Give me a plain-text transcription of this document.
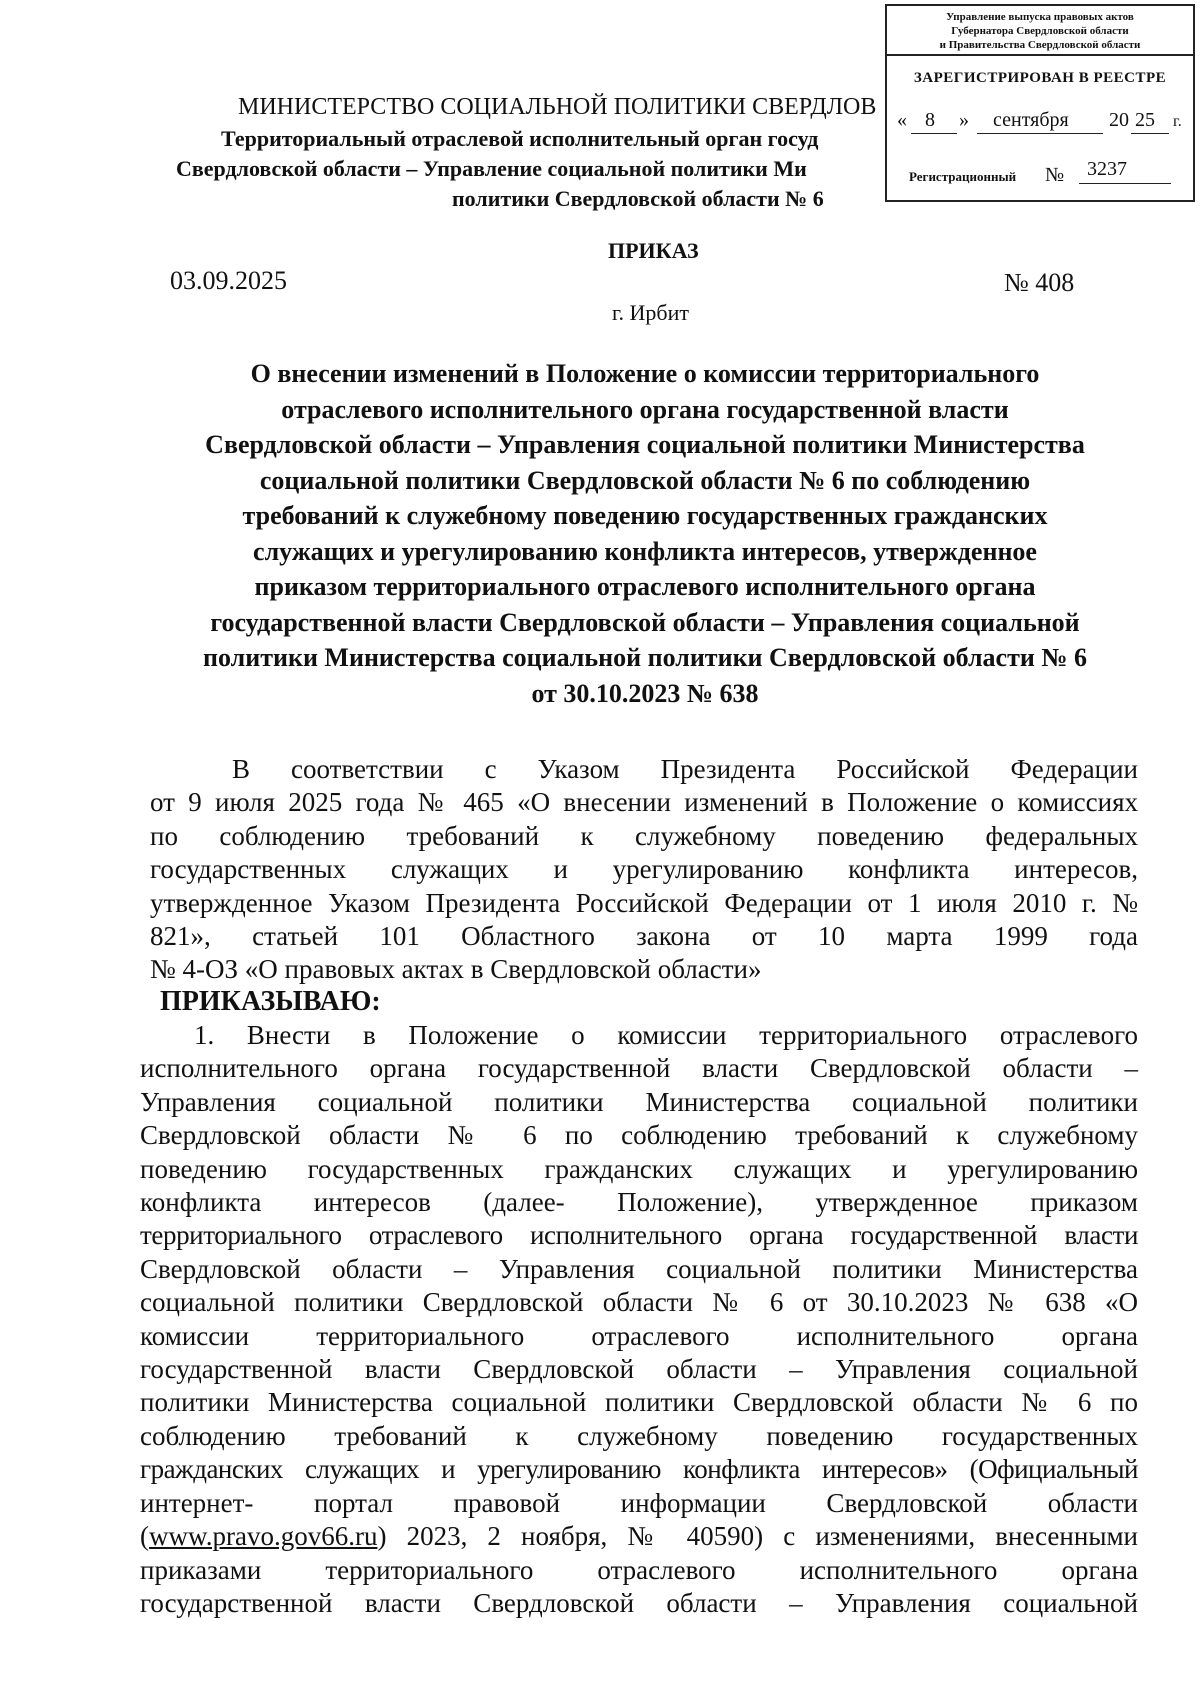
Управление выпуска правовых актов
Губернатора Свердловской области
и Правительства Свердловской области
ЗАРЕГИСТРИРОВАН В РЕЕСТРЕ
« 8 » сентября 20 25 г.
Регистрационный №	3237
МИНИСТЕРСТВО СОЦИАЛЬНОЙ ПОЛИТИКИ СВЕРДЛОВ
Территориальный отраслевой исполнительный орган госуд
Свердловской области – Управление социальной политики Ми
политики Свердловской области № 6
ПРИКАЗ
03.09.2025	№ 408
г. Ирбит
О внесении изменений в Положение о комиссии территориального
отраслевого исполнительного органа государственной власти
Свердловской области – Управления социальной политики Министерства
социальной политики Свердловской области № 6 по соблюдению
требований к служебному поведению государственных гражданских
служащих и урегулированию конфликта интересов, утвержденное
приказом территориального отраслевого исполнительного органа
государственной власти Свердловской области – Управления социальной
политики Министерства социальной политики Свердловской области № 6
от 30.10.2023 № 638
В соответствии с Указом Президента Российской Федерации
от 9 июля 2025 года № 465 «О внесении изменений в Положение о комиссиях
по соблюдению требований к служебному поведению федеральных
государственных служащих и урегулированию конфликта интересов,
утвержденное Указом Президента Российской Федерации от 1 июля 2010 г. №
821», статьей 101 Областного закона от 10 марта 1999 года
№ 4-ОЗ «О правовых актах в Свердловской области»
ПРИКАЗЫВАЮ:
1. Внести в Положение о комиссии территориального отраслевого
исполнительного органа государственной власти Свердловской области –
Управления социальной политики Министерства социальной политики
Свердловской области № 6 по соблюдению требований к служебному
поведению государственных гражданских служащих и урегулированию
конфликта интересов (далее- Положение), утвержденное приказом
территориального отраслевого исполнительного органа государственной власти
Свердловской области – Управления социальной политики Министерства
социальной политики Свердловской области № 6 от 30.10.2023 № 638 «О
комиссии территориального отраслевого исполнительного органа
государственной власти Свердловской области – Управления социальной
политики Министерства социальной политики Свердловской области № 6 по
соблюдению требований к служебному поведению государственных
гражданских служащих и урегулированию конфликта интересов» (Официальный
интернет- портал правовой информации Свердловской области
(www.pravo.gov66.ru) 2023, 2 ноября, № 40590) с изменениями, внесенными
приказами территориального отраслевого исполнительного органа
государственной власти Свердловской области – Управления социальной
